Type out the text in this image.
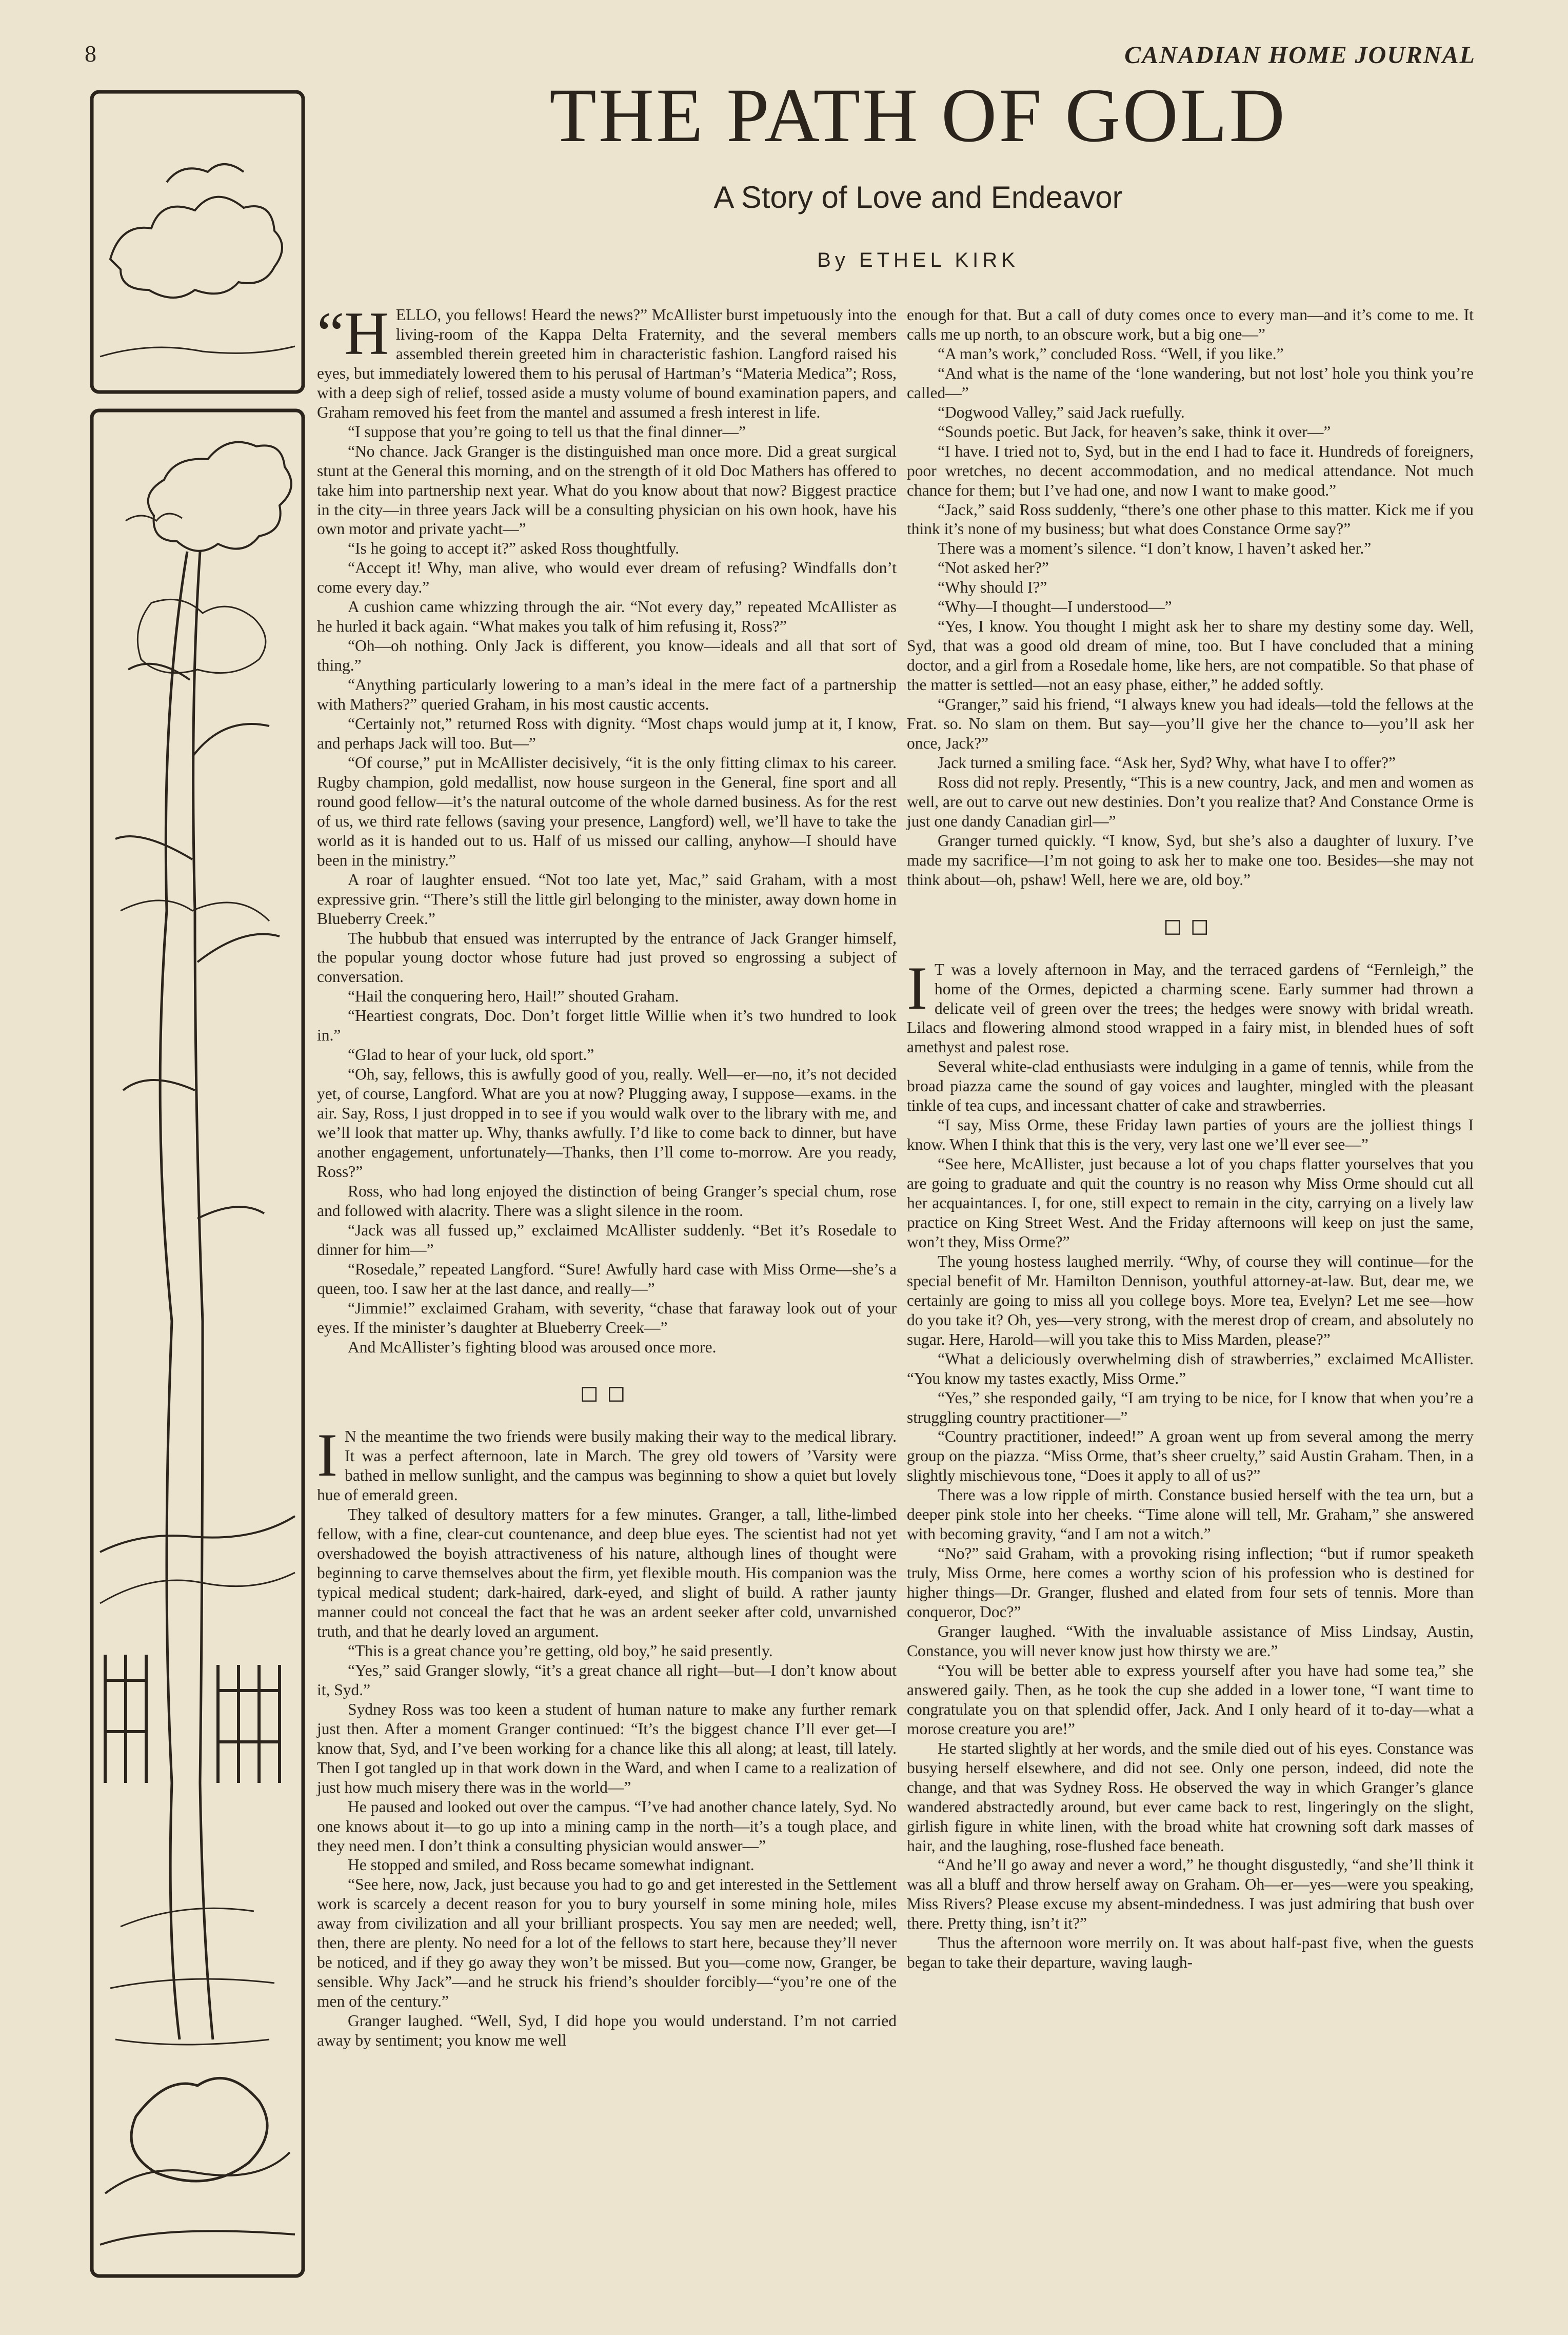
8	CANADIAN HOME JOURNAL
THE PATH OF GOLD
A Story of Love and Endeavor
By ETHEL KIRK

“HELLO, you fellows! Heard the news?” McAllister burst impetuously into the living-room of the Kappa Delta Fraternity, and the several members assembled therein greeted him in characteristic fashion. Langford raised his eyes, but immediately lowered them to his perusal of Hartman’s “Materia Medica”; Ross, with a deep sigh of relief, tossed aside a musty volume of bound examination papers, and Graham removed his feet from the mantel and assumed a fresh interest in life.

“I suppose that you’re going to tell us that the final dinner—”

“No chance. Jack Granger is the distinguished man once more. Did a great surgical stunt at the General this morning, and on the strength of it old Doc Mathers has offered to take him into partnership next year. What do you know about that now? Biggest practice in the city—in three years Jack will be a consulting physician on his own hook, have his own motor and private yacht—”

“Is he going to accept it?” asked Ross thoughtfully.

“Accept it! Why, man alive, who would ever dream of refusing? Windfalls don’t come every day.”

A cushion came whizzing through the air. “Not every day,” repeated McAllister as he hurled it back again. “What makes you talk of him refusing it, Ross?”

“Oh—oh nothing. Only Jack is different, you know—ideals and all that sort of thing.”

“Anything particularly lowering to a man’s ideal in the mere fact of a partnership with Mathers?” queried Graham, in his most caustic accents.

“Certainly not,” returned Ross with dignity. “Most chaps would jump at it, I know, and perhaps Jack will too. But—”

“Of course,” put in McAllister decisively, “it is the only fitting climax to his career. Rugby champion, gold medallist, now house surgeon in the General, fine sport and all round good fellow—it’s the natural outcome of the whole darned business. As for the rest of us, we third rate fellows (saving your presence, Langford) well, we’ll have to take the world as it is handed out to us. Half of us missed our calling, anyhow—I should have been in the ministry.”

A roar of laughter ensued. “Not too late yet, Mac,” said Graham, with a most expressive grin. “There’s still the little girl belonging to the minister, away down home in Blueberry Creek.”

The hubbub that ensued was interrupted by the entrance of Jack Granger himself, the popular young doctor whose future had just proved so engrossing a subject of conversation.

“Hail the conquering hero, Hail!” shouted Graham.

“Heartiest congrats, Doc. Don’t forget little Willie when it’s two hundred to look in.”

“Glad to hear of your luck, old sport.”

“Oh, say, fellows, this is awfully good of you, really. Well—er—no, it’s not decided yet, of course, Langford. What are you at now? Plugging away, I suppose—exams. in the air. Say, Ross, I just dropped in to see if you would walk over to the library with me, and we’ll look that matter up. Why, thanks awfully. I’d like to come back to dinner, but have another engagement, unfortunately—Thanks, then I’ll come to-morrow. Are you ready, Ross?”

Ross, who had long enjoyed the distinction of being Granger’s special chum, rose and followed with alacrity. There was a slight silence in the room.

“Jack was all fussed up,” exclaimed McAllister suddenly. “Bet it’s Rosedale to dinner for him—”

“Rosedale,” repeated Langford. “Sure! Awfully hard case with Miss Orme—she’s a queen, too. I saw her at the last dance, and really—”

“Jimmie!” exclaimed Graham, with severity, “chase that faraway look out of your eyes. If the minister’s daughter at Blueberry Creek—”

And McAllister’s fighting blood was aroused once more.

◻◻

I N the meantime the two friends were busily making their way to the medical library. It was a perfect afternoon, late in March. The grey old towers of ’Varsity were bathed in mellow sunlight, and the campus was beginning to show a quiet but lovely hue of emerald green.

They talked of desultory matters for a few minutes. Granger, a tall, lithe-limbed fellow, with a fine, clear-cut countenance, and deep blue eyes. The scientist had not yet overshadowed the boyish attractiveness of his nature, although lines of thought were beginning to carve themselves about the firm, yet flexible mouth. His companion was the typical medical student; dark-haired, dark-eyed, and slight of build. A rather jaunty manner could not conceal the fact that he was an ardent seeker after cold, unvarnished truth, and that he dearly loved an argument.

“This is a great chance you’re getting, old boy,” he said presently.

“Yes,” said Granger slowly, “it’s a great chance all right—but—I don’t know about it, Syd.”

Sydney Ross was too keen a student of human nature to make any further remark just then. After a moment Granger continued: “It’s the biggest chance I’ll ever get—I know that, Syd, and I’ve been working for a chance like this all along; at least, till lately. Then I got tangled up in that work down in the Ward, and when I came to a realization of just how much misery there was in the world—”

He paused and looked out over the campus. “I’ve had another chance lately, Syd. No one knows about it—to go up into a mining camp in the north—it’s a tough place, and they need men. I don’t think a consulting physician would answer—”

He stopped and smiled, and Ross became somewhat indignant.

“See here, now, Jack, just because you had to go and get interested in the Settlement work is scarcely a decent reason for you to bury yourself in some mining hole, miles away from civilization and all your brilliant prospects. You say men are needed; well, then, there are plenty. No need for a lot of the fellows to start here, because they’ll never be noticed, and if they go away they won’t be missed. But you—come now, Granger, be sensible. Why Jack”—and he struck his friend’s shoulder forcibly—“you’re one of the men of the century.”

Granger laughed. “Well, Syd, I did hope you would understand. I’m not carried away by sentiment; you know me well

enough for that. But a call of duty comes once to every man—and it’s come to me. It calls me up north, to an obscure work, but a big one—”

“A man’s work,” concluded Ross. “Well, if you like.”

“And what is the name of the ‘lone wandering, but not lost’ hole you think you’re called—”

“Dogwood Valley,” said Jack ruefully.

“Sounds poetic. But Jack, for heaven’s sake, think it over—”

“I have. I tried not to, Syd, but in the end I had to face it. Hundreds of foreigners, poor wretches, no decent accommodation, and no medical attendance. Not much chance for them; but I’ve had one, and now I want to make good.”

“Jack,” said Ross suddenly, “there’s one other phase to this matter. Kick me if you think it’s none of my business; but what does Constance Orme say?”

There was a moment’s silence. “I don’t know, I haven’t asked her.”

“Not asked her?”

“Why should I?”

“Why—I thought—I understood—”

“Yes, I know. You thought I might ask her to share my destiny some day. Well, Syd, that was a good old dream of mine, too. But I have concluded that a mining doctor, and a girl from a Rosedale home, like hers, are not compatible. So that phase of the matter is settled—not an easy phase, either,” he added softly.

“Granger,” said his friend, “I always knew you had ideals—told the fellows at the Frat. so. No slam on them. But say—you’ll give her the chance to—you’ll ask her once, Jack?”

Jack turned a smiling face. “Ask her, Syd? Why, what have I to offer?”

Ross did not reply. Presently, “This is a new country, Jack, and men and women as well, are out to carve out new destinies. Don’t you realize that? And Constance Orme is just one dandy Canadian girl—”

Granger turned quickly. “I know, Syd, but she’s also a daughter of luxury. I’ve made my sacrifice—I’m not going to ask her to make one too. Besides—she may not think about—oh, pshaw! Well, here we are, old boy.”

◻◻

I T was a lovely afternoon in May, and the terraced gardens of “Fernleigh,” the home of the Ormes, depicted a charming scene. Early summer had thrown a delicate veil of green over the trees; the hedges were snowy with bridal wreath. Lilacs and flowering almond stood wrapped in a fairy mist, in blended hues of soft amethyst and palest rose.

Several white-clad enthusiasts were indulging in a game of tennis, while from the broad piazza came the sound of gay voices and laughter, mingled with the pleasant tinkle of tea cups, and incessant chatter of cake and strawberries.

“I say, Miss Orme, these Friday lawn parties of yours are the jolliest things I know. When I think that this is the very, very last one we’ll ever see—”

“See here, McAllister, just because a lot of you chaps flatter yourselves that you are going to graduate and quit the country is no reason why Miss Orme should cut all her acquaintances. I, for one, still expect to remain in the city, carrying on a lively law practice on King Street West. And the Friday afternoons will keep on just the same, won’t they, Miss Orme?”

The young hostess laughed merrily. “Why, of course they will continue—for the special benefit of Mr. Hamilton Dennison, youthful attorney-at-law. But, dear me, we certainly are going to miss all you college boys. More tea, Evelyn? Let me see—how do you take it? Oh, yes—very strong, with the merest drop of cream, and absolutely no sugar. Here, Harold—will you take this to Miss Marden, please?”

“What a deliciously overwhelming dish of strawberries,” exclaimed McAllister. “You know my tastes exactly, Miss Orme.”

“Yes,” she responded gaily, “I am trying to be nice, for I know that when you’re a struggling country practitioner—”

“Country practitioner, indeed!” A groan went up from several among the merry group on the piazza. “Miss Orme, that’s sheer cruelty,” said Austin Graham. Then, in a slightly mischievous tone, “Does it apply to all of us?”

There was a low ripple of mirth. Constance busied herself with the tea urn, but a deeper pink stole into her cheeks. “Time alone will tell, Mr. Graham,” she answered with becoming gravity, “and I am not a witch.”

“No?” said Graham, with a provoking rising inflection; “but if rumor speaketh truly, Miss Orme, here comes a worthy scion of his profession who is destined for higher things—Dr. Granger, flushed and elated from four sets of tennis. More than conqueror, Doc?”

Granger laughed. “With the invaluable assistance of Miss Lindsay, Austin, Constance, you will never know just how thirsty we are.”

“You will be better able to express yourself after you have had some tea,” she answered gaily. Then, as he took the cup she added in a lower tone, “I want time to congratulate you on that splendid offer, Jack. And I only heard of it to-day—what a morose creature you are!”

He started slightly at her words, and the smile died out of his eyes. Constance was busying herself elsewhere, and did not see. Only one person, indeed, did note the change, and that was Sydney Ross. He observed the way in which Granger’s glance wandered abstractedly around, but ever came back to rest, lingeringly on the slight, girlish figure in white linen, with the broad white hat crowning soft dark masses of hair, and the laughing, rose-flushed face beneath.

“And he’ll go away and never a word,” he thought disgustedly, “and she’ll think it was all a bluff and throw herself away on Graham. Oh—er—yes—were you speaking, Miss Rivers? Please excuse my absent-mindedness. I was just admiring that bush over there. Pretty thing, isn’t it?”

Thus the afternoon wore merrily on. It was about half-past five, when the guests began to take their departure, waving laugh-
